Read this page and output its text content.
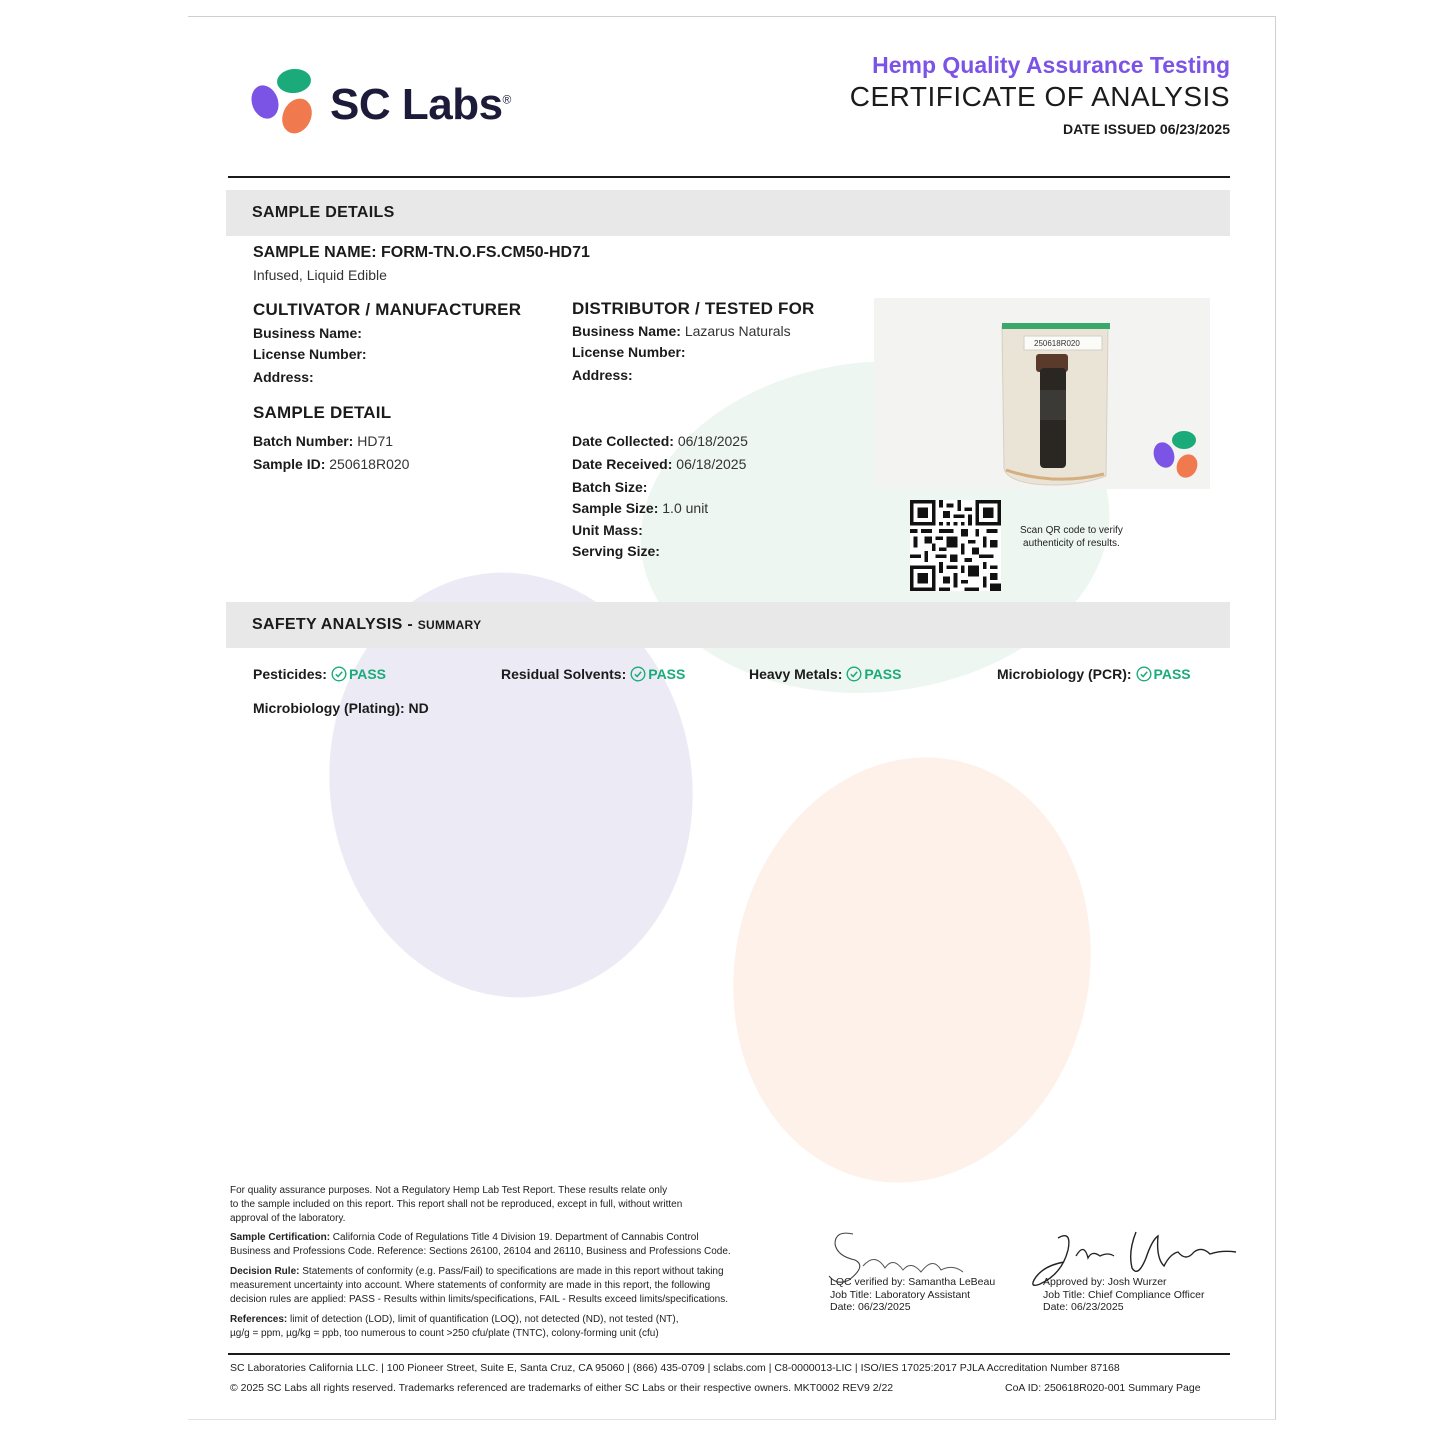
SC Labs®
Hemp Quality Assurance Testing
CERTIFICATE OF ANALYSIS
DATE ISSUED 06/23/2025
SAMPLE DETAILS
SAMPLE NAME: FORM-TN.O.FS.CM50-HD71
Infused, Liquid Edible
CULTIVATOR / MANUFACTURER
Business Name:
License Number:
Address:
DISTRIBUTOR / TESTED FOR
Business Name: Lazarus Naturals
License Number:
Address:
SAMPLE DETAIL
Batch Number: HD71
Sample ID: 250618R020
Date Collected: 06/18/2025
Date Received: 06/18/2025
Batch Size:
Sample Size: 1.0 unit
Unit Mass:
Serving Size:
250618R020
Scan QR code to verify
authenticity of results.
SAFETY ANALYSIS - SUMMARY
Pesticides: PASS	Residual Solvents: PASS	Heavy Metals: PASS	Microbiology (PCR): PASS
Microbiology (Plating): ND
For quality assurance purposes. Not a Regulatory Hemp Lab Test Report. These results relate only
to the sample included on this report. This report shall not be reproduced, except in full, without written
approval of the laboratory.
Sample Certification: California Code of Regulations Title 4 Division 19. Department of Cannabis Control
Business and Professions Code. Reference: Sections 26100, 26104 and 26110, Business and Professions Code.
Decision Rule: Statements of conformity (e.g. Pass/Fail) to specifications are made in this report without taking
measurement uncertainty into account. Where statements of conformity are made in this report, the following
decision rules are applied: PASS - Results within limits/specifications, FAIL - Results exceed limits/specifications.
References: limit of detection (LOD), limit of quantification (LOQ), not detected (ND), not tested (NT),
µg/g = ppm, µg/kg = ppb, too numerous to count >250 cfu/plate (TNTC), colony-forming unit (cfu)
LQC verified by: Samantha LeBeau
Job Title: Laboratory Assistant
Date: 06/23/2025
Approved by: Josh Wurzer
Job Title: Chief Compliance Officer
Date: 06/23/2025
SC Laboratories California LLC. | 100 Pioneer Street, Suite E, Santa Cruz, CA 95060 | (866) 435-0709 | sclabs.com | C8-0000013-LIC | ISO/IES 17025:2017 PJLA Accreditation Number 87168
© 2025 SC Labs all rights reserved. Trademarks referenced are trademarks of either SC Labs or their respective owners. MKT0002 REV9 2/22	CoA ID: 250618R020-001 Summary Page
